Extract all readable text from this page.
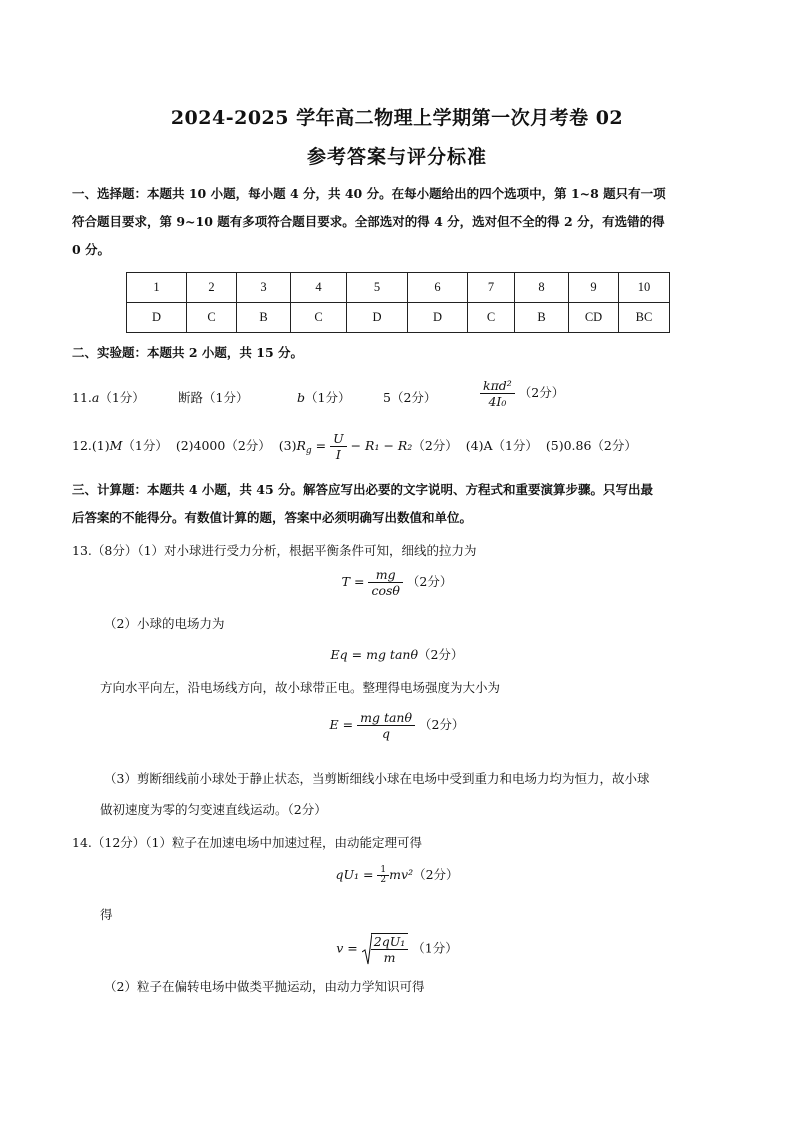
2024-2025 学年高二物理上学期第一次月考卷 02
参考答案与评分标准
一、选择题：本题共 10 小题，每小题 4 分，共 40 分。在每小题给出的四个选项中，第 1~8 题只有一项
符合题目要求，第 9~10 题有多项符合题目要求。全部选对的得 4 分，选对但不全的得 2 分，有选错的得
0 分。
1	2	3	4	5	6	7	8	9	10
D	C	B	C	D	D	C	B	CD	BC
二、实验题：本题共 2 小题，共 15 分。
11.a（1分）	断路（1分）	b（1分）	5（2分）	$\frac{\text{kπd²}}{\text{4I₀}} (2$分）
12.(1)M（1分） (2)4000（2分） $(3)R_g = \frac{U}{I} - R_1 - R_2(2$分） (4)A（1分） (5)0.86（2分）
三、计算题：本题共 4 小题，共 45 分。解答应写出必要的文字说明、方程式和重要演算步骤。只写出最
后答案的不能得分。有数值计算的题，答案中必须明确写出数值和单位。
13.（8分）（1）对小球进行受力分析，根据平衡条件可知，细线的拉力为
$T = \frac{mg}{\cos\theta} (2$分）
（2）小球的电场力为
Eq = mg tanθ（2分）
方向水平向左，沿电场线方向，故小球带正电。整理得电场强度为大小为
$E = \frac{\text{mg tanθ}}{q} (2$分）
（3）剪断细线前小球处于静止状态，当剪断细线小球在电场中受到重力和电场力均为恒力，故小球
做初速度为零的匀变速直线运动。（2分）
14.（12分）（1）粒子在加速电场中加速过程，由动能定理可得
$qU_1 = \frac{1}{2} mv^2(2$分）
得
$v = \frac{\text{2qU₁}}{m} (1$分）
（2）粒子在偏转电场中做类平抛运动，由动力学知识可得
